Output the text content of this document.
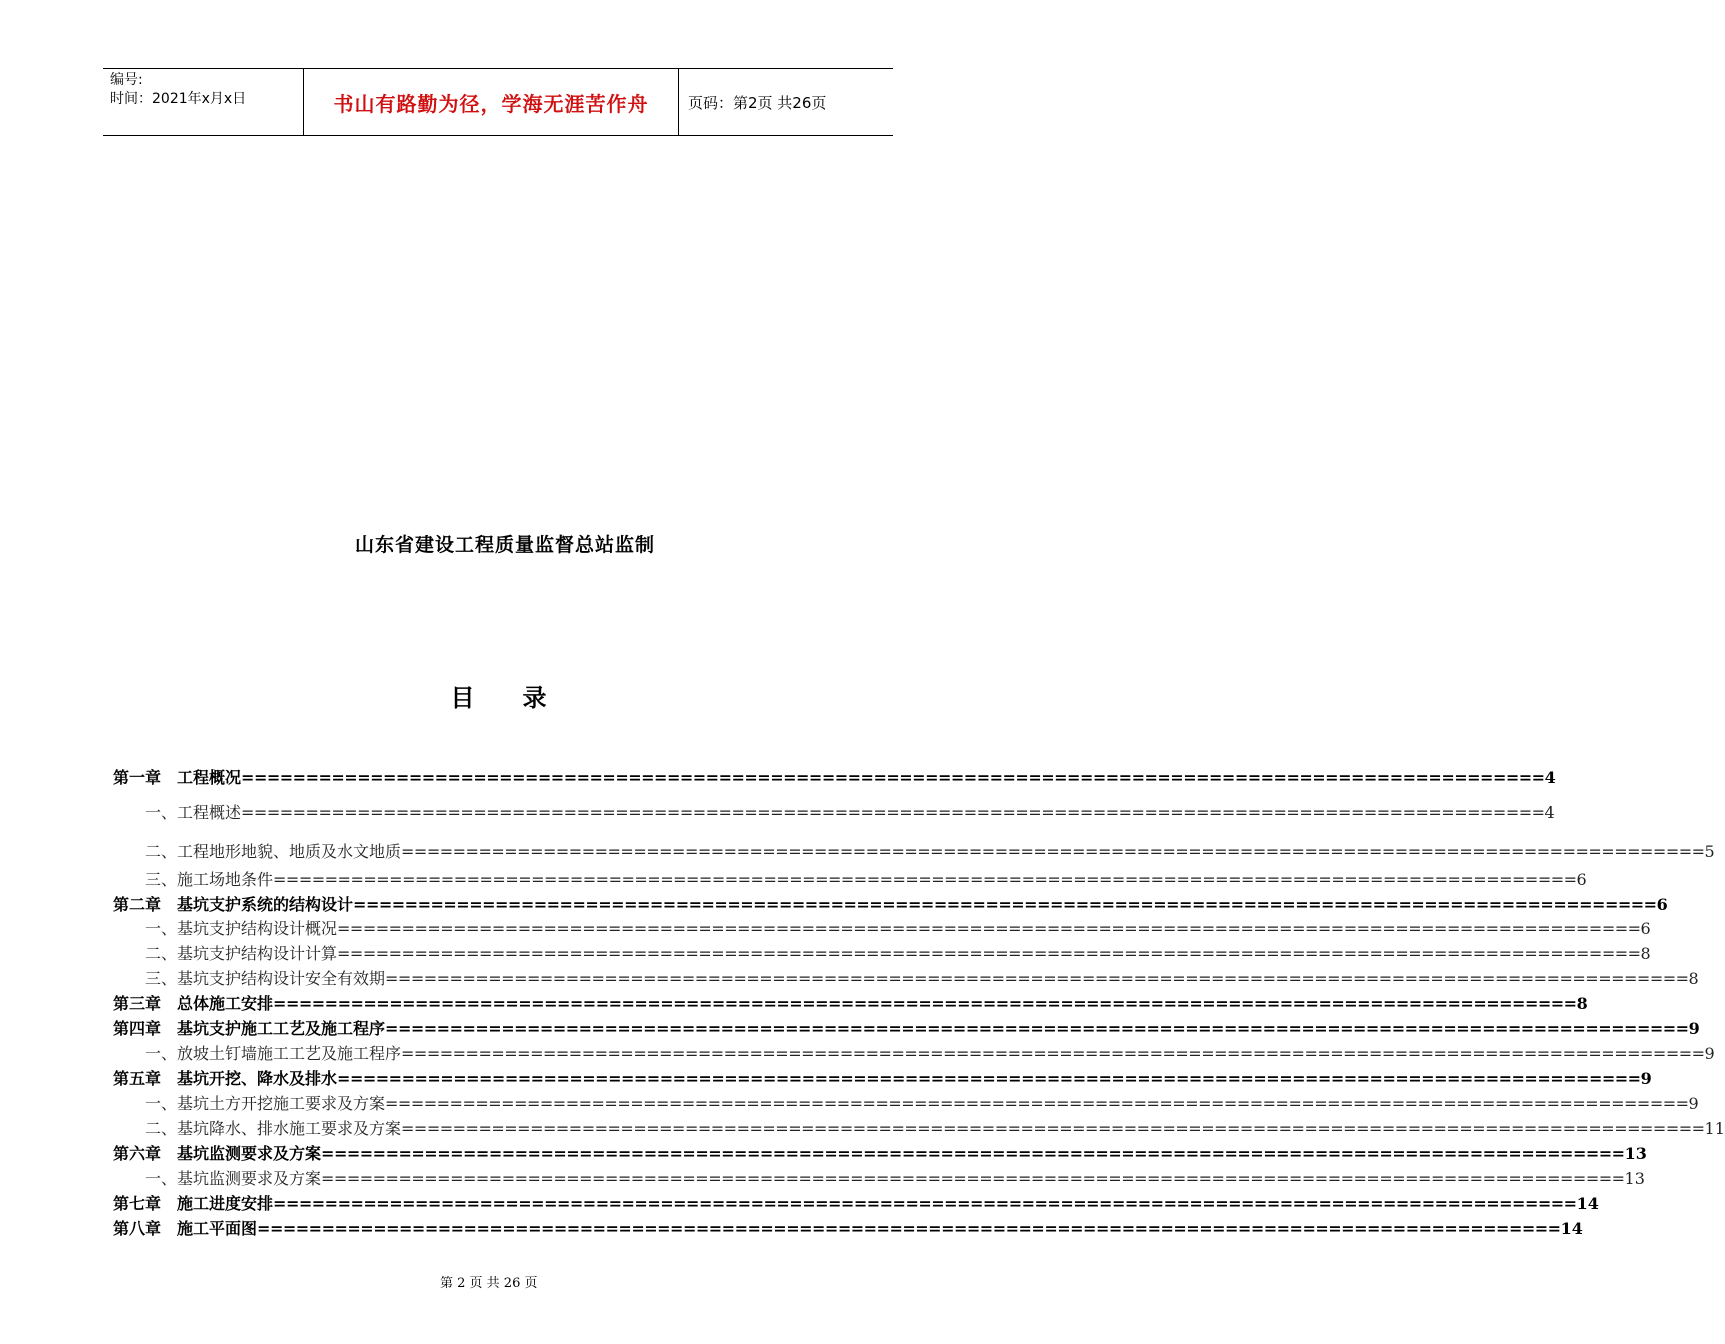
编号:
时间：2021年x月x日	书山有路勤为径，学海无涯苦作舟	页码：第2页 共26页
山东省建设工程质量监督总站监制
目 录
第一章 工程概况 ===================================================================================================== 4
一、工程概述 ===================================================================================================== 4
二、工程地形地貌、地质及水文地质 ===================================================================================================== 5
三、施工场地条件 ===================================================================================================== 6
第二章 基坑支护系统的结构设计 ===================================================================================================== 6
一、基坑支护结构设计概况 ===================================================================================================== 6
二、基坑支护结构设计计算 ===================================================================================================== 8
三、基坑支护结构设计安全有效期 ===================================================================================================== 8
第三章 总体施工安排 ===================================================================================================== 8
第四章 基坑支护施工工艺及施工程序 ===================================================================================================== 9
一、放坡土钉墙施工工艺及施工程序 ===================================================================================================== 9
第五章 基坑开挖、降水及排水 ===================================================================================================== 9
一、基坑土方开挖施工要求及方案 ===================================================================================================== 9
二、基坑降水、排水施工要求及方案 ===================================================================================================== 11
第六章 基坑监测要求及方案 ===================================================================================================== 13
一、基坑监测要求及方案 ===================================================================================================== 13
第七章 施工进度安排 ===================================================================================================== 14
第八章 施工平面图 ===================================================================================================== 14
第 2 页 共 26 页
